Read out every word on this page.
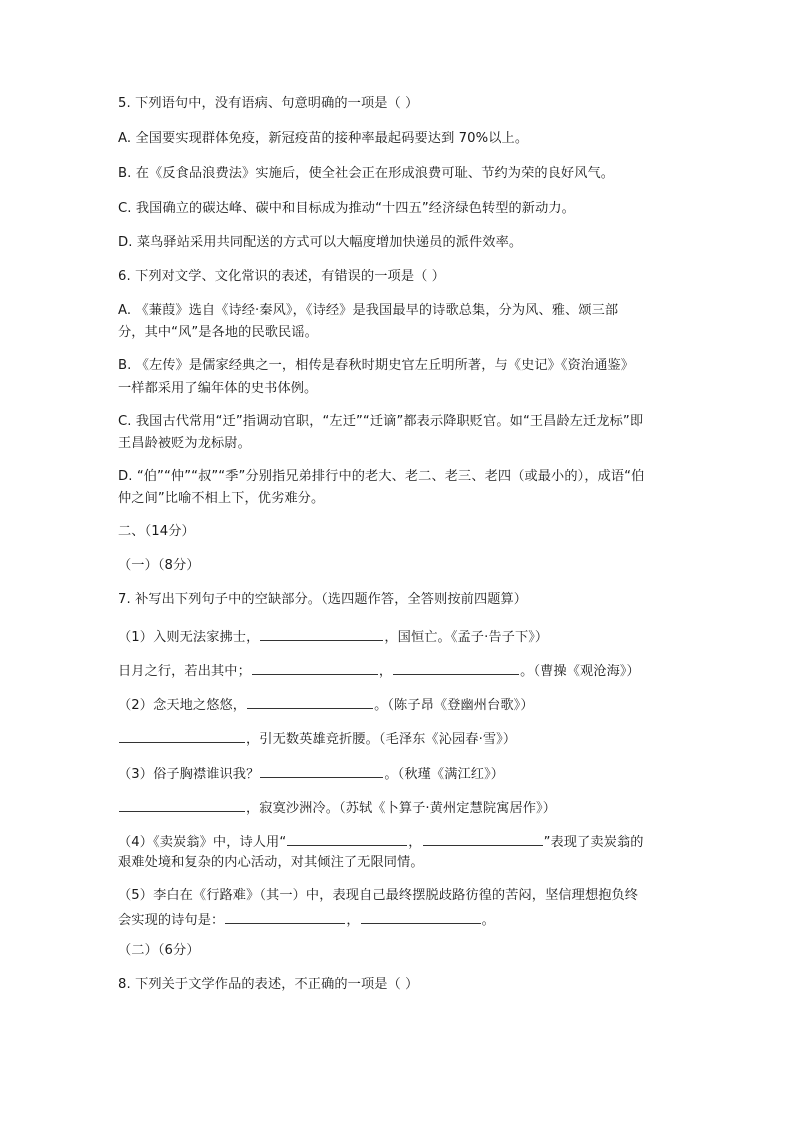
5. 下列语句中，没有语病、句意明确的一项是（ ）
A. 全国要实现群体免疫，新冠疫苗的接种率最起码要达到 70%以上。
B. 在《反食品浪费法》实施后，使全社会正在形成浪费可耻、节约为荣的良好风气。
C. 我国确立的碳达峰、碳中和目标成为推动“十四五”经济绿色转型的新动力。
D. 菜鸟驿站采用共同配送的方式可以大幅度增加快递员的派件效率。
6. 下列对文学、文化常识的表述，有错误的一项是（ ）
A. 《蒹葭》选自《诗经·秦风》，《诗经》是我国最早的诗歌总集，分为风、雅、颂三部
分，其中“风”是各地的民歌民谣。
B. 《左传》是儒家经典之一，相传是春秋时期史官左丘明所著，与《史记》《资治通鉴》
一样都采用了编年体的史书体例。
C. 我国古代常用“迁”指调动官职，“左迁”“迁谪”都表示降职贬官。如“王昌龄左迁龙标”即
王昌龄被贬为龙标尉。
D. “伯”“仲”“叔”“季”分别指兄弟排行中的老大、老二、老三、老四（或最小的），成语“伯
仲之间”比喻不相上下，优劣难分。
二、（14分）
（一）（8分）
7. 补写出下列句子中的空缺部分。（选四题作答，全答则按前四题算）
（1）入则无法家拂士，	，国恒亡。《孟子·告子下》）
日月之行，若出其中；	，	。（曹操《观沧海》）
（2）念天地之悠悠，	。（陈子昂《登幽州台歌》）
，引无数英雄竞折腰。（毛泽东《沁园春·雪》）
（3）俗子胸襟谁识我？	。（秋瑾《满江红》）
，寂寞沙洲冷。（苏轼《卜算子·黄州定慧院寓居作》）
（4）《卖炭翁》中，诗人用“	，	”表现了卖炭翁的
艰难处境和复杂的内心活动，对其倾注了无限同情。
（5）李白在《行路难》（其一）中，表现自己最终摆脱歧路彷徨的苦闷，坚信理想抱负终
会实现的诗句是：	，	。
（二）（6分）
8. 下列关于文学作品的表述，不正确的一项是（ ）
